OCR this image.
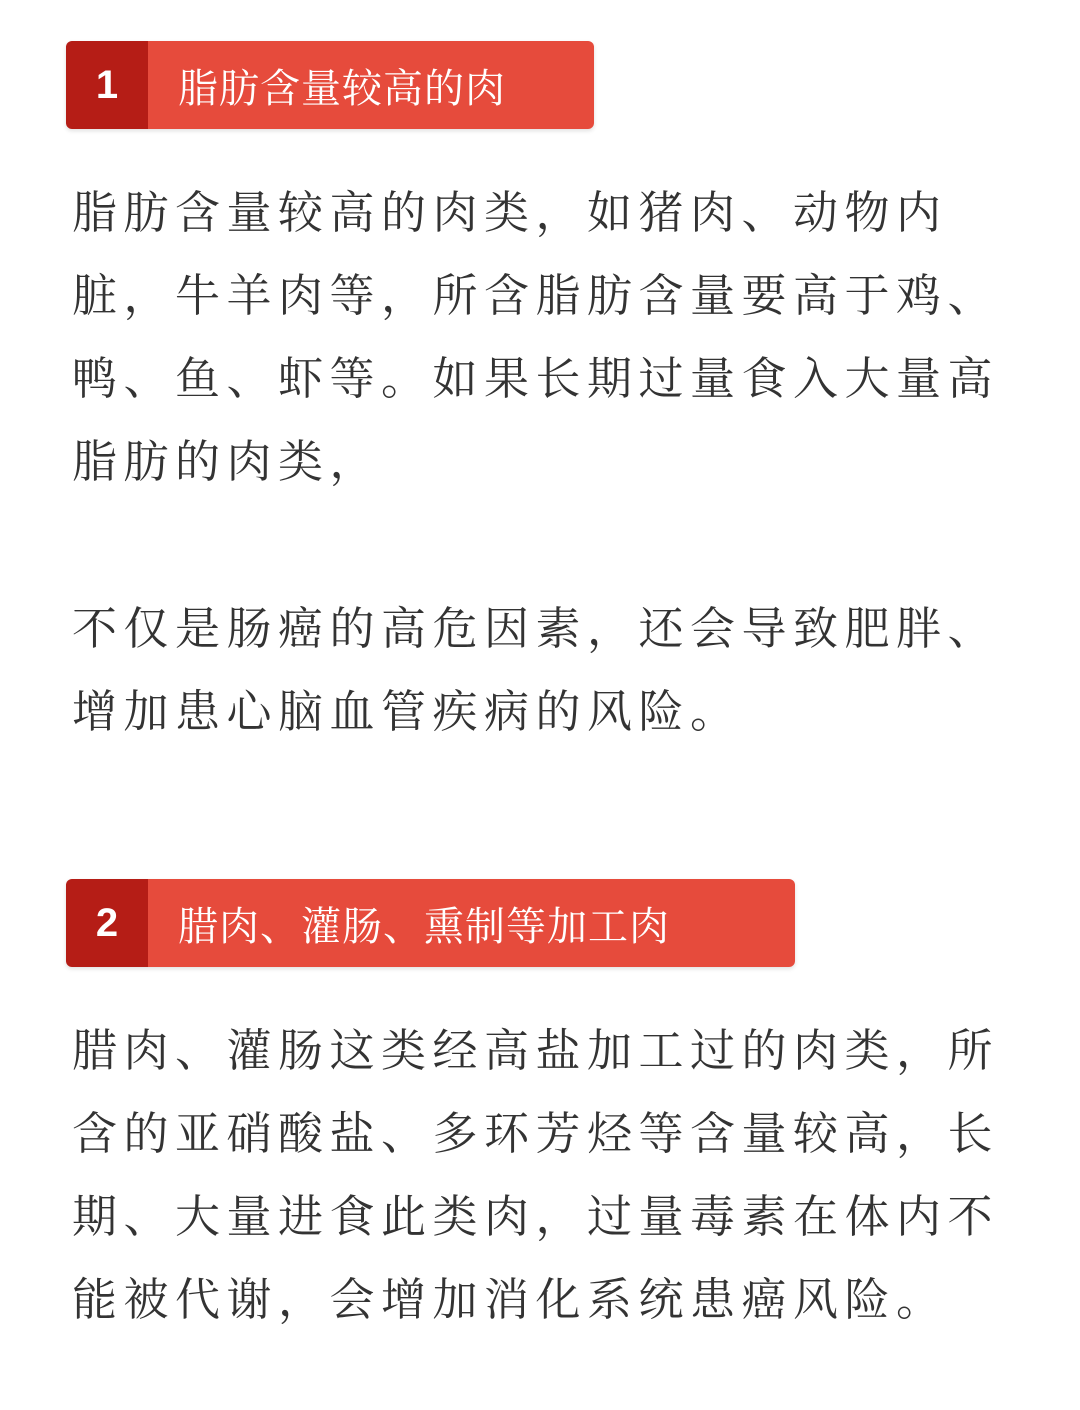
1	脂肪含量较高的肉

脂肪含量较高的肉类，如猪肉、动物内脏，牛羊肉等，所含脂肪含量要高于鸡、鸭、鱼、虾等。如果长期过量食入大量高脂肪的肉类，

不仅是肠癌的高危因素，还会导致肥胖、增加患心脑血管疾病的风险。

2	腊肉、灌肠、熏制等加工肉

腊肉、灌肠这类经高盐加工过的肉类，所含的亚硝酸盐、多环芳烃等含量较高，长期、大量进食此类肉，过量毒素在体内不能被代谢，会增加消化系统患癌风险。
